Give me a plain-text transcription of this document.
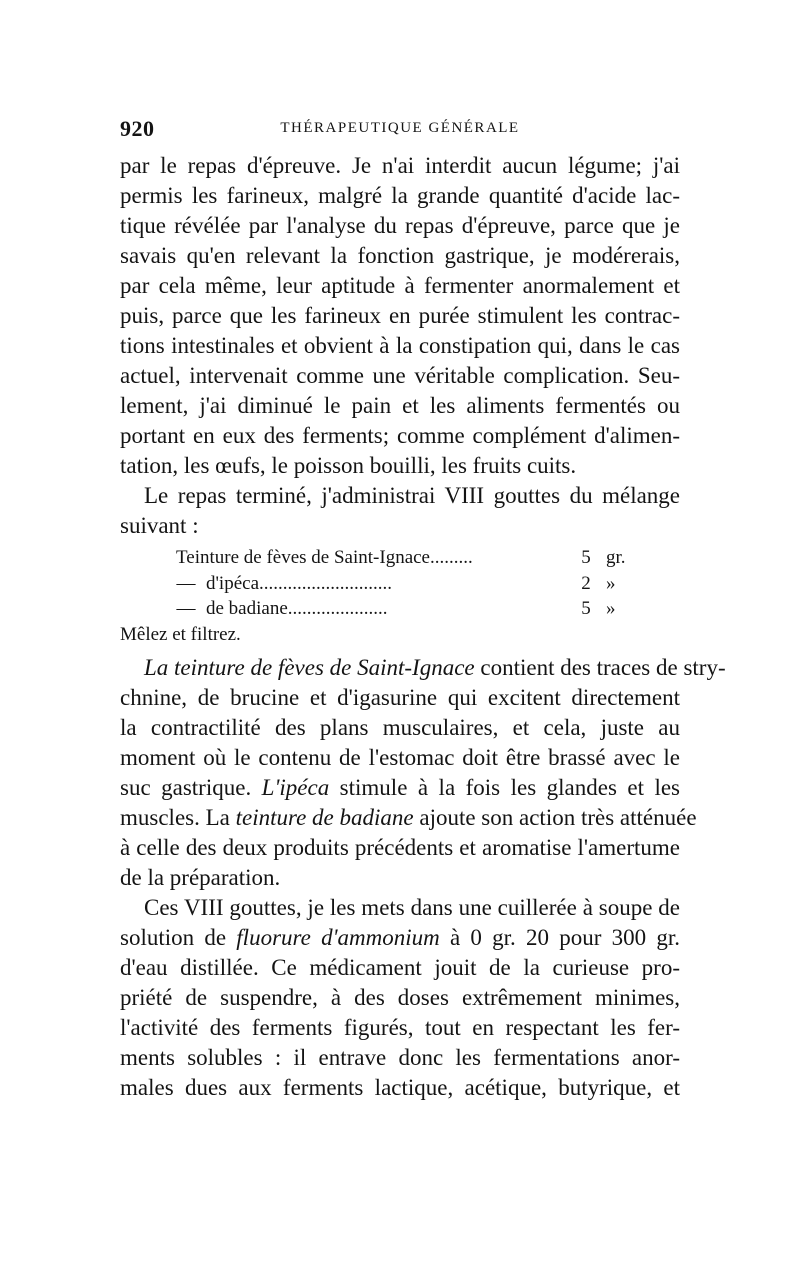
920	THÉRAPEUTIQUE GÉNÉRALE
par le repas d'épreuve. Je n'ai interdit aucun légume; j'ai
permis les farineux, malgré la grande quantité d'acide lac-
tique révélée par l'analyse du repas d'épreuve, parce que je
savais qu'en relevant la fonction gastrique, je modérerais,
par cela même, leur aptitude à fermenter anormalement et
puis, parce que les farineux en purée stimulent les contrac-
tions intestinales et obvient à la constipation qui, dans le cas
actuel, intervenait comme une véritable complication. Seu-
lement, j'ai diminué le pain et les aliments fermentés ou
portant en eux des ferments; comme complément d'alimen-
tation, les œufs, le poisson bouilli, les fruits cuits.
Le repas terminé, j'administrai VIII gouttes du mélange
suivant :
Teinture de fèves de Saint-Ignace.........	5 gr.
— d'ipéca............................	2 »
— de badiane.....................	5 »
Mêlez et filtrez.
La teinture de fèves de Saint-Ignace contient des traces de stry-
chnine, de brucine et d'igasurine qui excitent directement
la contractilité des plans musculaires, et cela, juste au
moment où le contenu de l'estomac doit être brassé avec le
suc gastrique. L'ipéca stimule à la fois les glandes et les
muscles. La teinture de badiane ajoute son action très atténuée
à celle des deux produits précédents et aromatise l'amertume
de la préparation.
Ces VIII gouttes, je les mets dans une cuillerée à soupe de
solution de fluorure d'ammonium à 0 gr. 20 pour 300 gr.
d'eau distillée. Ce médicament jouit de la curieuse pro-
priété de suspendre, à des doses extrêmement minimes,
l'activité des ferments figurés, tout en respectant les fer-
ments solubles : il entrave donc les fermentations anor-
males dues aux ferments lactique, acétique, butyrique, et
